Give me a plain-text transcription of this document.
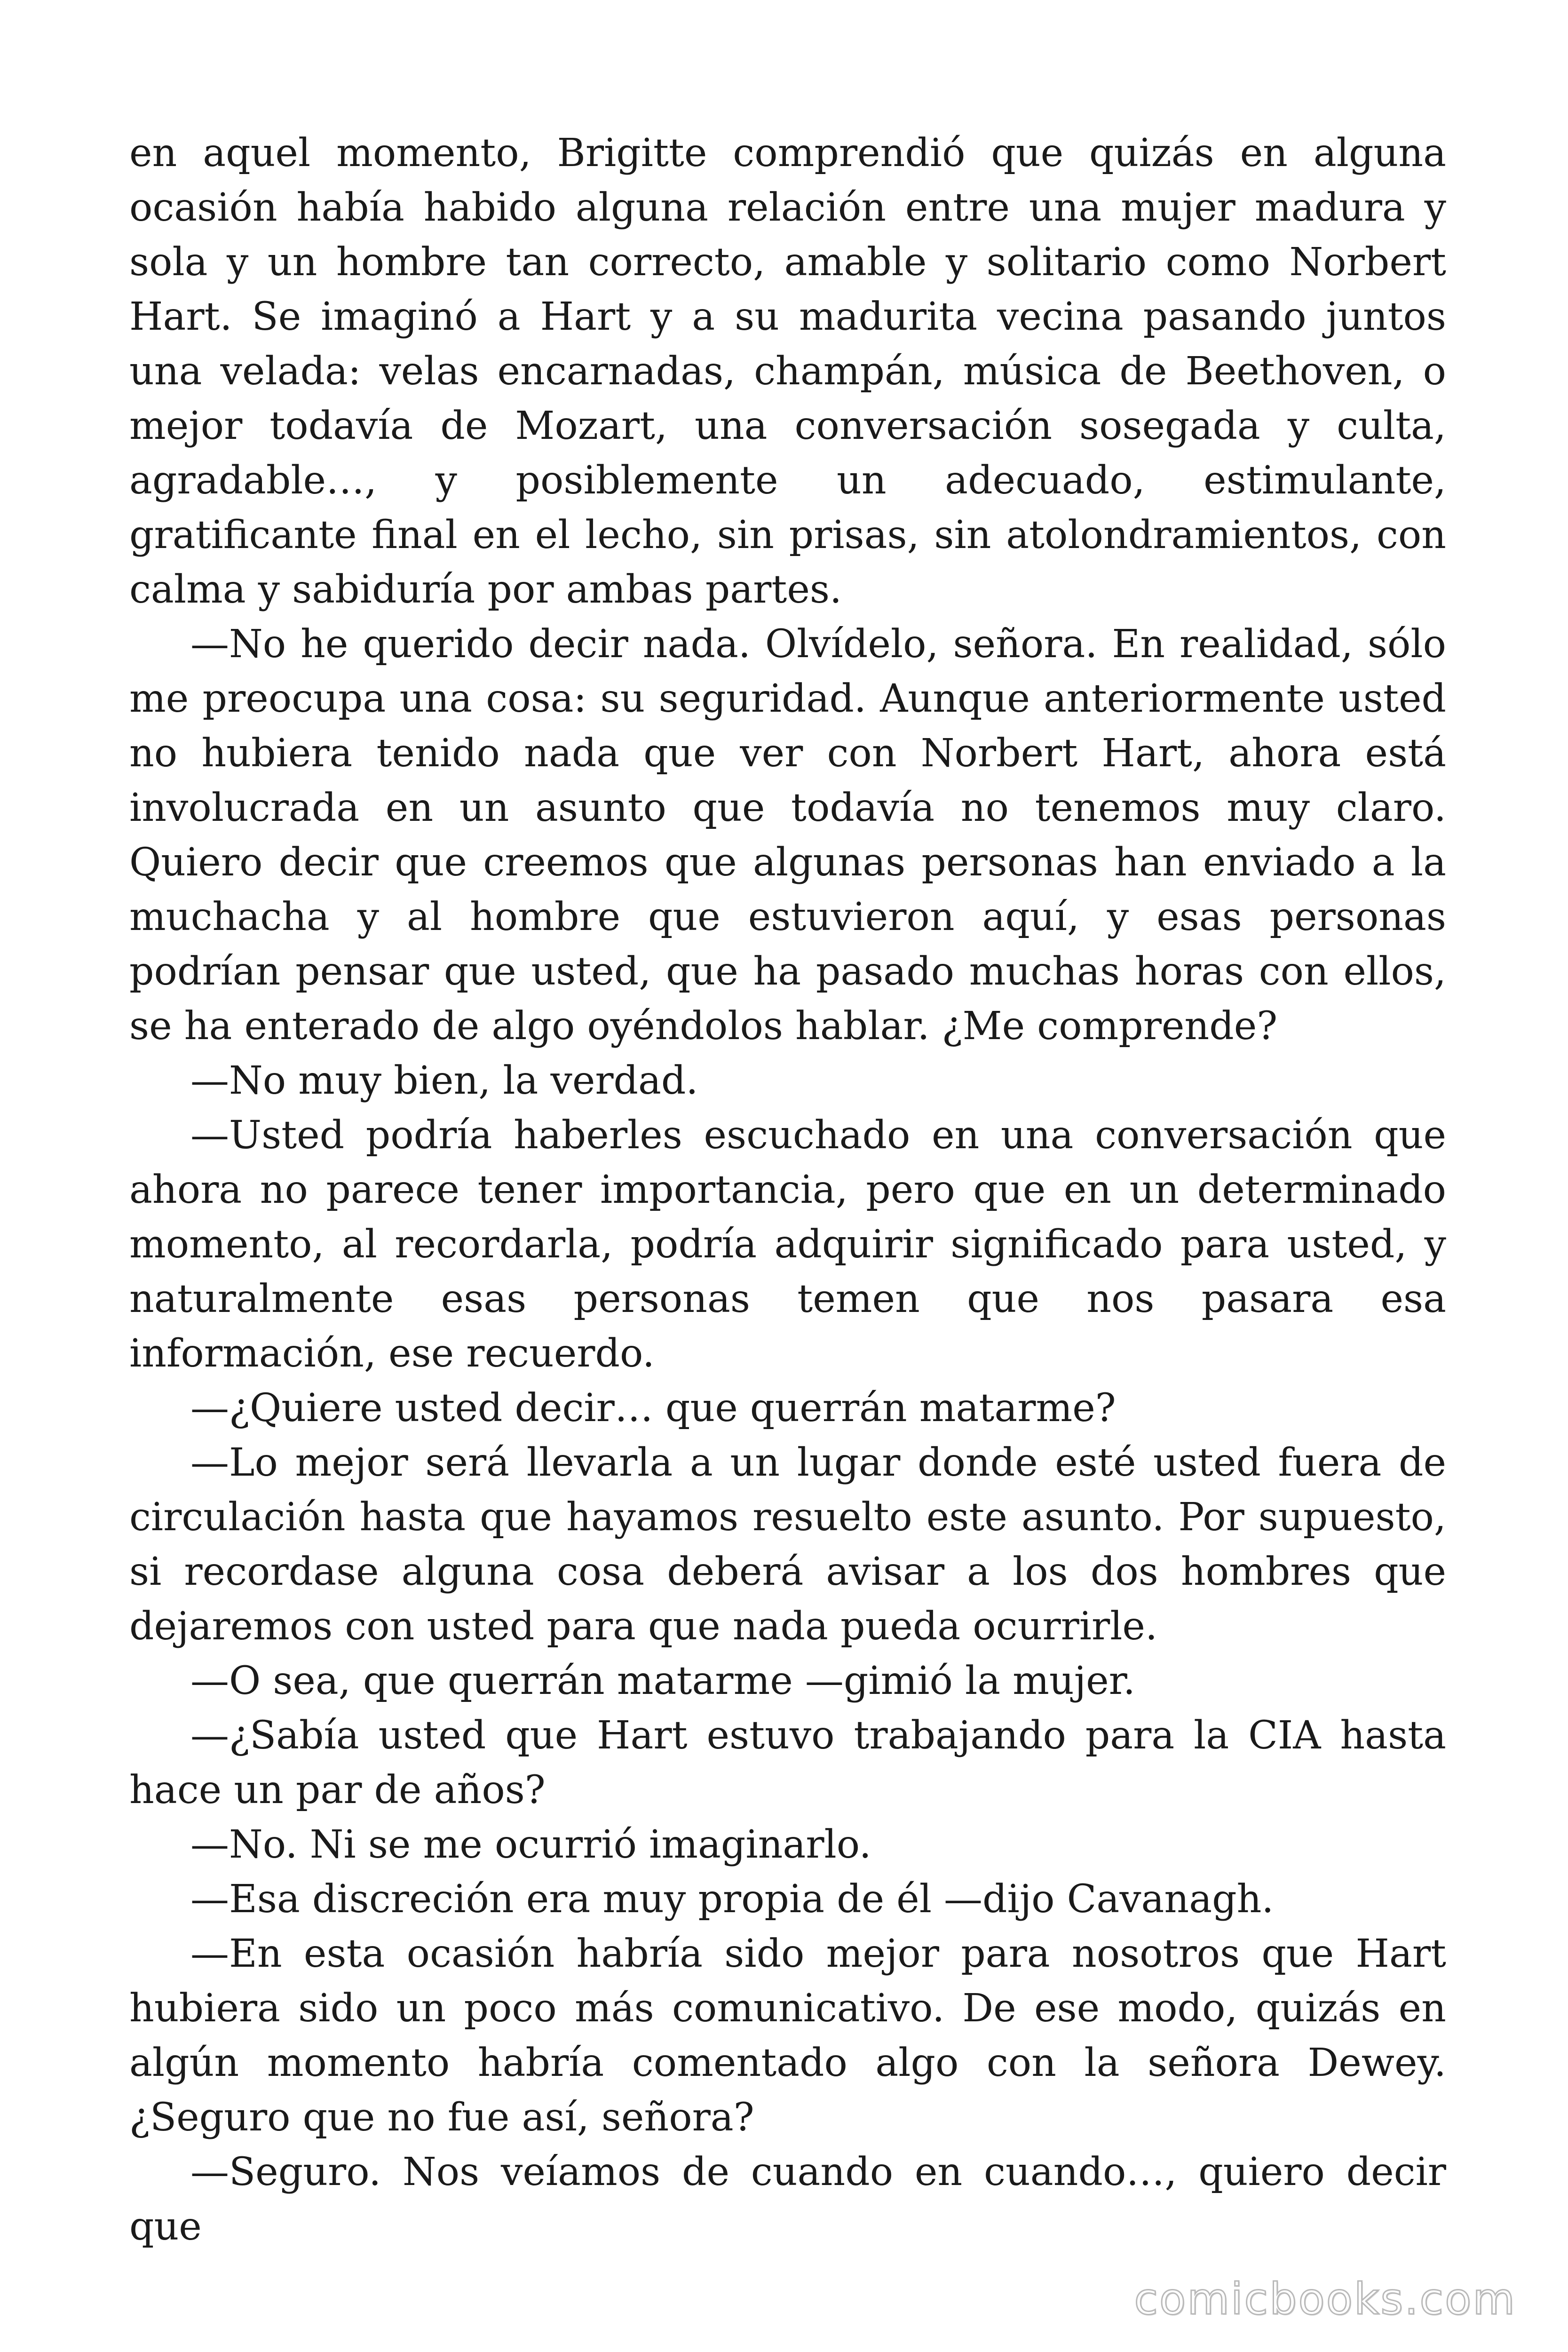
en aquel momento, Brigitte comprendió que quizás en alguna ocasión había habido alguna relación entre una mujer madura y sola y un hombre tan correcto, amable y solitario como Norbert Hart. Se imaginó a Hart y a su madurita vecina pasando juntos una velada: velas encarnadas, champán, música de Beethoven, o mejor todavía de Mozart, una conversación sosegada y culta, agradable…, y posiblemente un adecuado, estimulante, gratificante final en el lecho, sin prisas, sin atolondramientos, con calma y sabiduría por ambas partes.

—No he querido decir nada. Olvídelo, señora. En realidad, sólo me preocupa una cosa: su seguridad. Aunque anteriormente usted no hubiera tenido nada que ver con Norbert Hart, ahora está involucrada en un asunto que todavía no tenemos muy claro. Quiero decir que creemos que algunas personas han enviado a la muchacha y al hombre que estuvieron aquí, y esas personas podrían pensar que usted, que ha pasado muchas horas con ellos, se ha enterado de algo oyéndolos hablar. ¿Me comprende?

—No muy bien, la verdad.

—Usted podría haberles escuchado en una conversación que ahora no parece tener importancia, pero que en un determinado momento, al recordarla, podría adquirir significado para usted, y naturalmente esas personas temen que nos pasara esa información, ese recuerdo.

—¿Quiere usted decir… que querrán matarme?

—Lo mejor será llevarla a un lugar donde esté usted fuera de circulación hasta que hayamos resuelto este asunto. Por supuesto, si recordase alguna cosa deberá avisar a los dos hombres que dejaremos con usted para que nada pueda ocurrirle.

—O sea, que querrán matarme —gimió la mujer.

—¿Sabía usted que Hart estuvo trabajando para la CIA hasta hace un par de años?

—No. Ni se me ocurrió imaginarlo.

—Esa discreción era muy propia de él —dijo Cavanagh.

—En esta ocasión habría sido mejor para nosotros que Hart hubiera sido un poco más comunicativo. De ese modo, quizás en algún momento habría comentado algo con la señora Dewey. ¿Seguro que no fue así, señora?

—Seguro. Nos veíamos de cuando en cuando…, quiero decir que

comicbooks.com
